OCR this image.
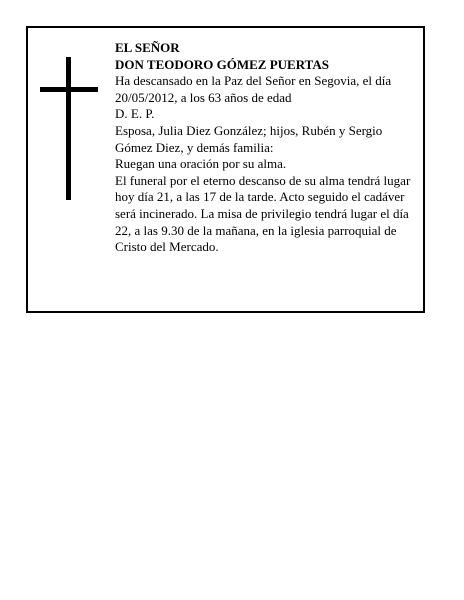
EL SEÑOR

DON TEODORO GÓMEZ PUERTAS

Ha descansado en la Paz del Señor en Segovia, el día 20/05/2012, a los 63 años de edad

D. E. P.

Esposa, Julia Diez González; hijos, Rubén y Sergio Gómez Diez, y demás familia:

Ruegan una oración por su alma.

El funeral por el eterno descanso de su alma tendrá lugar hoy día 21, a las 17 de la tarde. Acto seguido el cadáver será incinerado. La misa de privilegio tendrá lugar el día 22, a las 9.30 de la mañana, en la iglesia parroquial de Cristo del Mercado.
